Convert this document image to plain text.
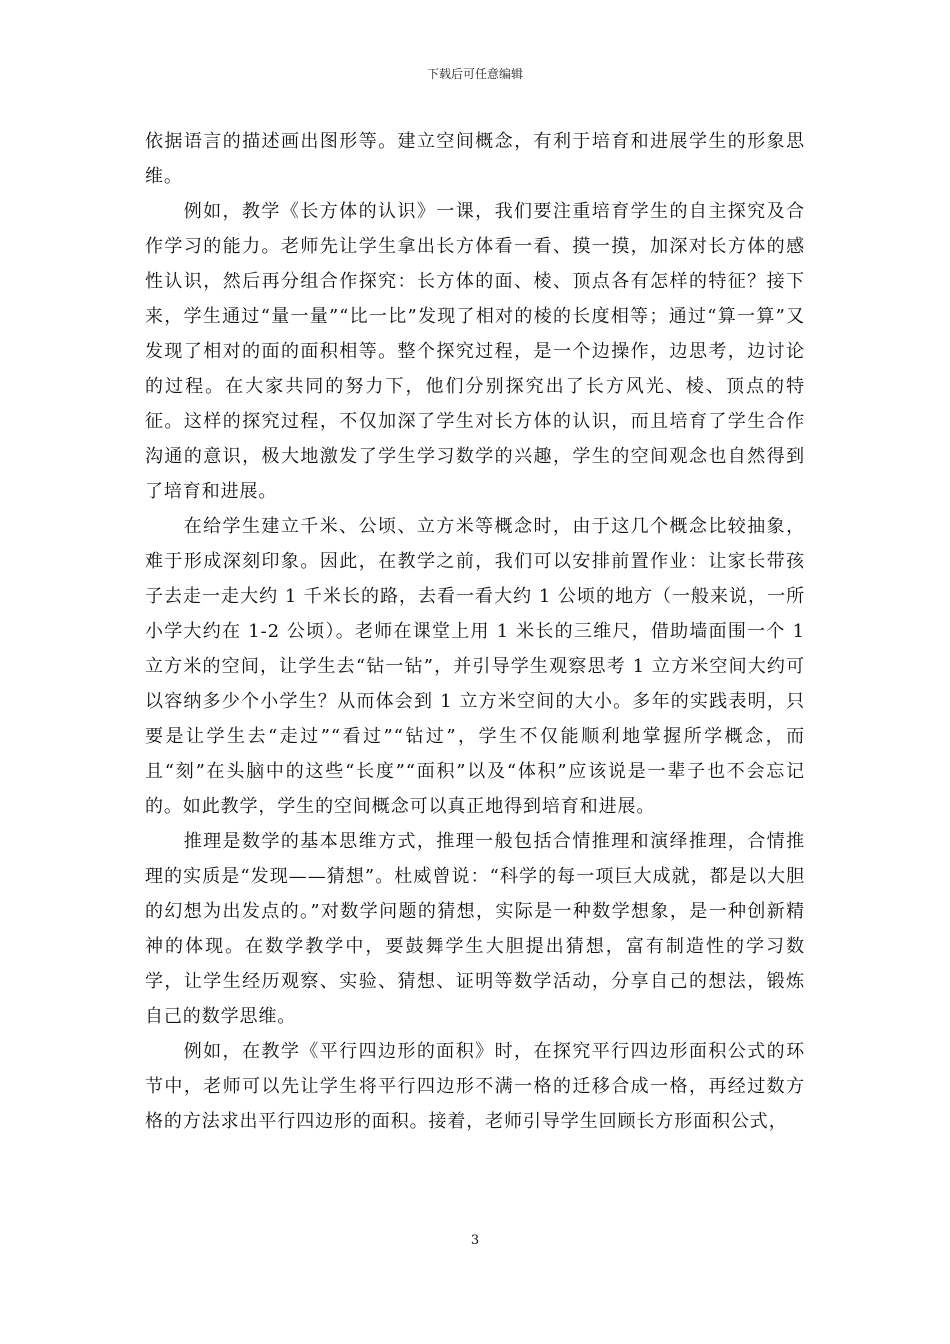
下载后可任意编辑

依据语言的描述画出图形等。建立空间概念，有利于培育和进展学生的形象思维。

例如，教学《长方体的认识》一课，我们要注重培育学生的自主探究及合作学习的能力。老师先让学生拿出长方体看一看、摸一摸，加深对长方体的感性认识，然后再分组合作探究：长方体的面、棱、顶点各有怎样的特征？接下来，学生通过“量一量”“比一比”发现了相对的棱的长度相等；通过“算一算”又发现了相对的面的面积相等。整个探究过程，是一个边操作，边思考，边讨论的过程。在大家共同的努力下，他们分别探究出了长方风光、棱、顶点的特征。这样的探究过程，不仅加深了学生对长方体的认识，而且培育了学生合作沟通的意识，极大地激发了学生学习数学的兴趣，学生的空间观念也自然得到了培育和进展。

在给学生建立千米、公顷、立方米等概念时，由于这几个概念比较抽象，难于形成深刻印象。因此，在教学之前，我们可以安排前置作业：让家长带孩子去走一走大约 1 千米长的路，去看一看大约 1 公顷的地方（一般来说，一所小学大约在 1-2 公顷）。老师在课堂上用 1 米长的三维尺，借助墙面围一个 1 立方米的空间，让学生去“钻一钻”，并引导学生观察思考 1 立方米空间大约可以容纳多少个小学生？从而体会到 1 立方米空间的大小。多年的实践表明，只要是让学生去“走过”“看过”“钻过”，学生不仅能顺利地掌握所学概念，而且“刻”在头脑中的这些“长度”“面积”以及“体积”应该说是一辈子也不会忘记的。如此教学，学生的空间概念可以真正地得到培育和进展。

推理是数学的基本思维方式，推理一般包括合情推理和演绎推理，合情推理的实质是“发现——猜想”。杜威曾说：“科学的每一项巨大成就，都是以大胆的幻想为出发点的。”对数学问题的猜想，实际是一种数学想象，是一种创新精神的体现。在数学教学中，要鼓舞学生大胆提出猜想，富有制造性的学习数学，让学生经历观察、实验、猜想、证明等数学活动，分享自己的想法，锻炼自己的数学思维。

例如，在教学《平行四边形的面积》时，在探究平行四边形面积公式的环节中，老师可以先让学生将平行四边形不满一格的迁移合成一格，再经过数方格的方法求出平行四边形的面积。接着，老师引导学生回顾长方形面积公式，

3
